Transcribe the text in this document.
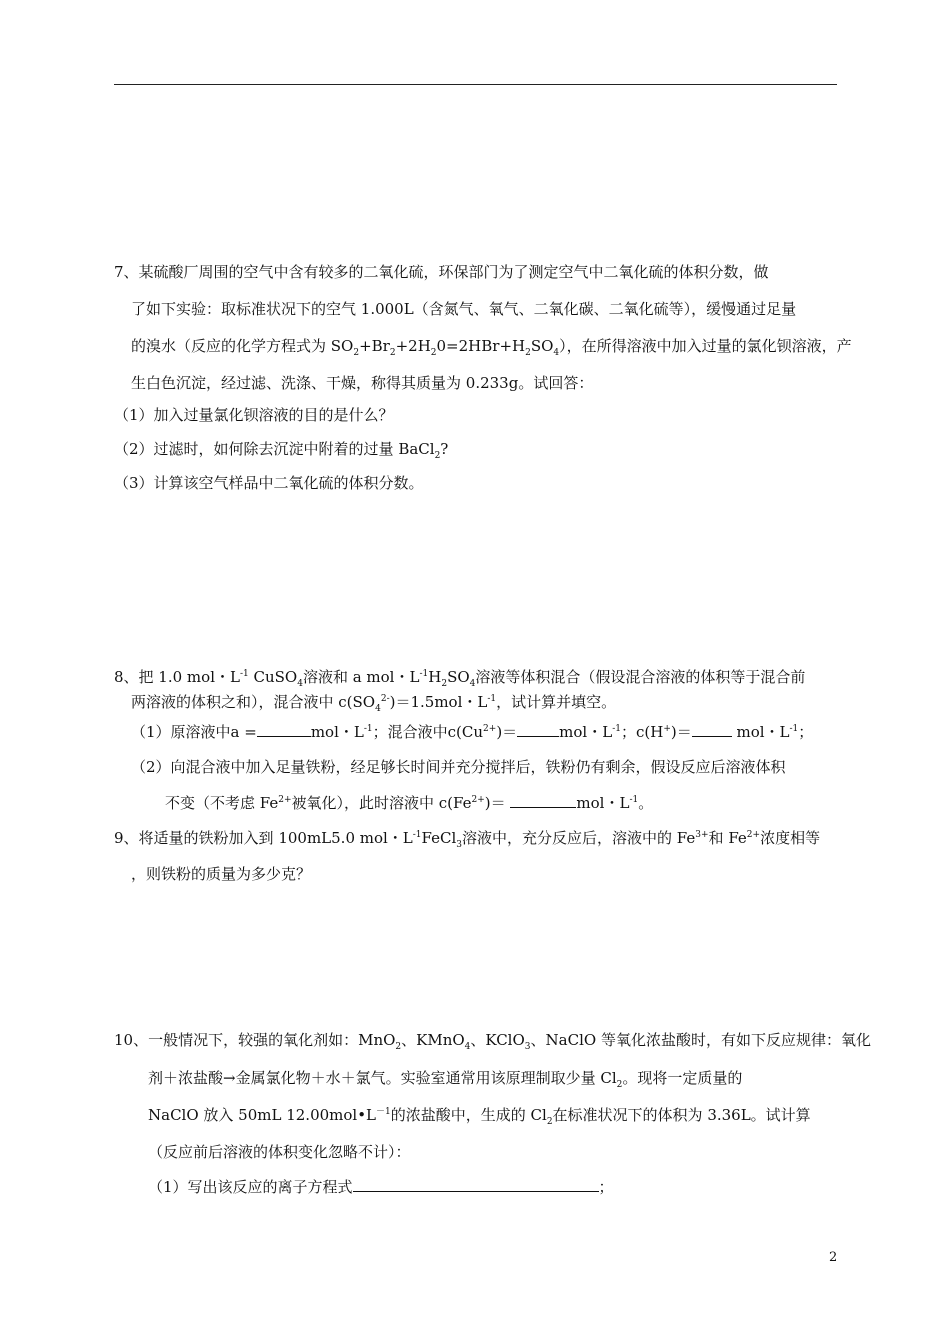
7、某硫酸厂周围的空气中含有较多的二氧化硫，环保部门为了测定空气中二氧化硫的体积分数，做
了如下实验：取标准状况下的空气 1.000L（含氮气、氧气、二氧化碳、二氧化硫等），缓慢通过足量
的溴水（反应的化学方程式为 $SO_2+Br_2+2H_20=2HBr+H_2SO_4$），在所得溶液中加入过量的氯化钡溶液，产
生白色沉淀，经过滤、洗涤、干燥，称得其质量为 0.233g。试回答：
（1）加入过量氯化钡溶液的目的是什么？
（2）过滤时，如何除去沉淀中附着的过量 BaCl$_2$?
（3）计算该空气样品中二氧化硫的体积分数。
8、把 1.0 mol・$L^{-1}$ CuSO$_4$溶液和 a mol・$L^{-1}H_2SO_4$溶液等体积混合（假设混合溶液的体积等于混合前
两溶液的体积之和），混合液中 $c(SO_4^{2-})=1.5mol$・$L^{-1}$，试计算并填空。
（1）原溶液中a =	mol・$L^{-1}$；混合液中$c(Cu^{2+})=$	mol・$L^{-1}$；c(H+)＝	mol・$L^{-1}$；
（2）向混合液中加入足量铁粉，经足够长时间并充分搅拌后，铁粉仍有剩余，假设反应后溶液体积
不变（不考虑 $Fe^{2+}$被氧化），此时溶液中 $c(Fe^{2+})=$	mol・$L^{-1}$。
9、将适量的铁粉加入到 100mL5.0 mol・$L^{-1}FeCl_3$溶液中，充分反应后，溶液中的 $Fe^{3+}$和 $Fe^{2+}$浓度相等
，则铁粉的质量为多少克？
10、一般情况下，较强的氧化剂如：MnO$_2$、KMnO$_4$、KClO$_3$、NaClO 等氧化浓盐酸时，有如下反应规律：氧化
剂＋浓盐酸→金属氯化物＋水＋氯气。实验室通常用该原理制取少量 $Cl_2$。现将一定质量的
NaClO 放入 50mL $12.00mol•L^{-1}$的浓盐酸中，生成的 $Cl_2$在标准状况下的体积为 3.36L。试计算
（反应前后溶液的体积变化忽略不计）：
（1）写出该反应的离子方程式	；
2
